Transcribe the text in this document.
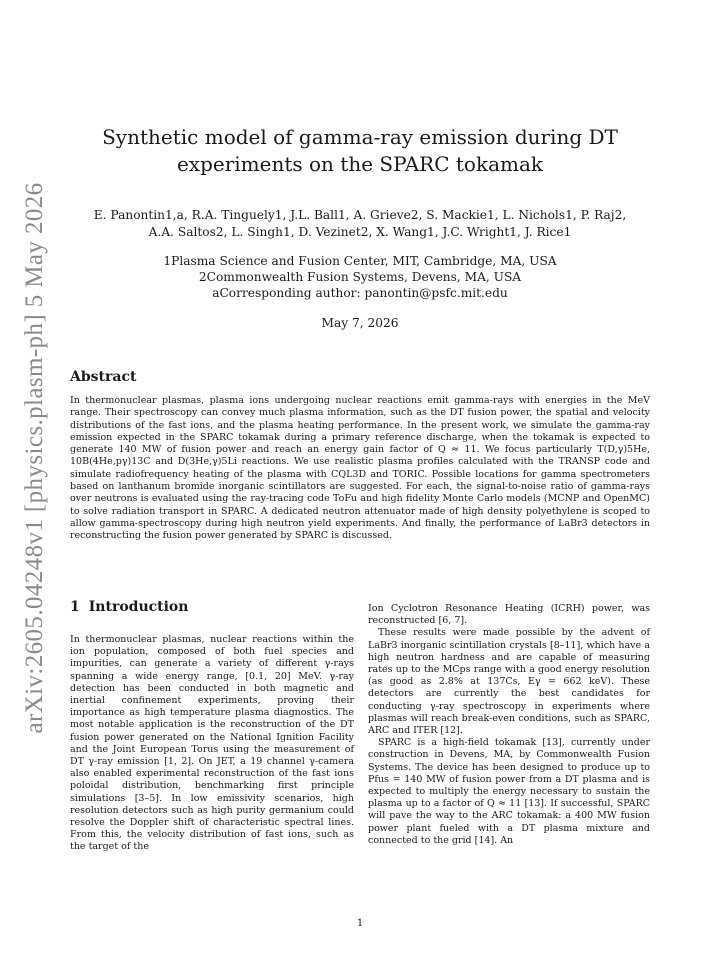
arXiv:2605.04248v1 [physics.plasm-ph] 5 May 2026
Synthetic model of gamma-ray emission during DT
experiments on the SPARC tokamak
E. Panontin1,a, R.A. Tinguely1, J.L. Ball1, A. Grieve2, S. Mackie1, L. Nichols1, P. Raj2,
A.A. Saltos2, L. Singh1, D. Vezinet2, X. Wang1, J.C. Wright1, J. Rice1
1Plasma Science and Fusion Center, MIT, Cambridge, MA, USA
2Commonwealth Fusion Systems, Devens, MA, USA
aCorresponding author: panontin@psfc.mit.edu
May 7, 2026
Abstract

In thermonuclear plasmas, plasma ions undergoing nuclear reactions emit gamma-rays with energies in the MeV range. Their spectroscopy can convey much plasma information, such as the DT fusion power, the spatial and velocity distributions of the fast ions, and the plasma heating performance. In the present work, we simulate the gamma-ray emission expected in the SPARC tokamak during a primary reference discharge, when the tokamak is expected to generate 140 MW of fusion power and reach an energy gain factor of Q ≈ 11. We focus particularly T(D,γ)5He, 10B(4He,pγ)13C and D(3He,γ)5Li reactions. We use realistic plasma profiles calculated with the TRANSP code and simulate radiofrequency heating of the plasma with CQL3D and TORIC. Possible locations for gamma spectrometers based on lanthanum bromide inorganic scintillators are suggested. For each, the signal-to-noise ratio of gamma-rays over neutrons is evaluated using the ray-tracing code ToFu and high fidelity Monte Carlo models (MCNP and OpenMC) to solve radiation transport in SPARC. A dedicated neutron attenuator made of high density polyethylene is scoped to allow gamma-spectroscopy during high neutron yield experiments. And finally, the performance of LaBr3 detectors in reconstructing the fusion power generated by SPARC is discussed.

1 Introduction

In thermonuclear plasmas, nuclear reactions within the ion population, composed of both fuel species and impurities, can generate a variety of different γ-rays spanning a wide energy range, [0.1, 20] MeV. γ-ray detection has been conducted in both magnetic and inertial confinement experiments, proving their importance as high temperature plasma diagnostics. The most notable application is the reconstruction of the DT fusion power generated on the National Ignition Facility and the Joint European Torus using the measurement of DT γ-ray emission [1, 2]. On JET, a 19 channel γ-camera also enabled experimental reconstruction of the fast ions poloidal distribution, benchmarking first principle simulations [3–5]. In low emissivity scenarios, high resolution detectors such as high purity germanium could resolve the Doppler shift of characteristic spectral lines. From this, the velocity distribution of fast ions, such as the target of the

Ion Cyclotron Resonance Heating (ICRH) power, was reconstructed [6, 7].

These results were made possible by the advent of LaBr3 inorganic scintillation crystals [8–11], which have a high neutron hardness and are capable of measuring rates up to the MCps range with a good energy resolution (as good as 2.8% at 137Cs, Eγ = 662 keV). These detectors are currently the best candidates for conducting γ-ray spectroscopy in experiments where plasmas will reach break-even conditions, such as SPARC, ARC and ITER [12].

SPARC is a high-field tokamak [13], currently under construction in Devens, MA, by Commonwealth Fusion Systems. The device has been designed to produce up to Pfus = 140 MW of fusion power from a DT plasma and is expected to multiply the energy necessary to sustain the plasma up to a factor of Q ≈ 11 [13]. If successful, SPARC will pave the way to the ARC tokamak: a 400 MW fusion power plant fueled with a DT plasma mixture and connected to the grid [14]. An

1
